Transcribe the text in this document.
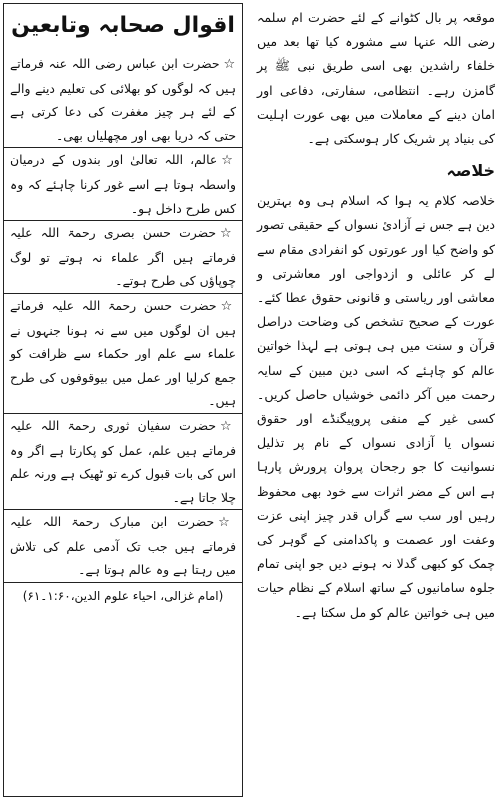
موقعہ پر بال کٹوانے کے لئے حضرت ام سلمہ رضی اللہ عنہا سے مشورہ کیا تھا بعد میں خلفاء راشدین بھی اسی طریق نبی ﷺ پر گامزن رہے۔ انتظامی، سفارتی، دفاعی اور امان دینے کے معاملات میں بھی عورت اہلیت کی بنیاد پر شریک کار ہوسکتی ہے۔

خلاصہ

خلاصہ کلام یہ ہوا کہ اسلام ہی وہ بہترین دین ہے جس نے آزادئ نسواں کے حقیقی تصور کو واضح کیا اور عورتوں کو انفرادی مقام سے لے کر عائلی و ازدواجی اور معاشرتی و معاشی اور ریاستی و قانونی حقوق عطا کئے۔ عورت کے صحیح تشخص کی وضاحت دراصل قرآن و سنت میں ہی ہوتی ہے لہذا خواتین عالم کو چاہئے کہ اسی دین مبین کے سایہ رحمت میں آکر دائمی خوشیاں حاصل کریں۔ کسی غیر کے منفی پروپیگنڈے اور حقوق نسواں یا آزادی نسواں کے نام پر تذلیل نسوانیت کا جو رجحان پروان پرورش پارہا ہے اس کے مضر اثرات سے خود بھی محفوظ رہیں اور سب سے گراں قدر چیز اپنی عزت وعفت اور عصمت و پاکدامنی کے گوہر کی چمک کو کبھی گدلا نہ ہونے دیں جو اپنی تمام جلوہ سامانیوں کے ساتھ اسلام کے نظام حیات میں ہی خواتین عالم کو مل سکتا ہے۔

اقوال صحابہ وتابعین

☆حضرت ابن عباس رضی اللہ عنہ فرماتے ہیں کہ لوگوں کو بھلائی کی تعلیم دینے والے کے لئے ہر چیز مغفرت کی دعا کرتی ہے حتی کہ دریا بھی اور مچھلیاں بھی۔

☆عالم، اللہ تعالیٰ اور بندوں کے درمیان واسطہ ہوتا ہے اسے غور کرنا چاہئے کہ وہ کس طرح داخل ہو۔

☆حضرت حسن بصری رحمۃ اللہ علیہ فرماتے ہیں اگر علماء نہ ہوتے تو لوگ چوپاؤں کی طرح ہوتے۔

☆حضرت حسن رحمۃ اللہ علیہ فرماتے ہیں ان لوگوں میں سے نہ ہونا جنہوں نے علماء سے علم اور حکماء سے ظرافت کو جمع کرلیا اور عمل میں بیوقوفوں کی طرح ہیں۔

☆حضرت سفیان ثوری رحمۃ اللہ علیہ فرماتے ہیں علم، عمل کو پکارتا ہے اگر وہ اس کی بات قبول کرے تو ٹھیک ہے ورنہ علم چلا جاتا ہے۔

☆حضرت ابن مبارک رحمۃ اللہ علیہ فرماتے ہیں جب تک آدمی علم کی تلاش میں رہتا ہے وہ عالم ہوتا ہے۔

(امام غزالی، احیاء علوم الدین،۱:۶۰۔۶۱)
